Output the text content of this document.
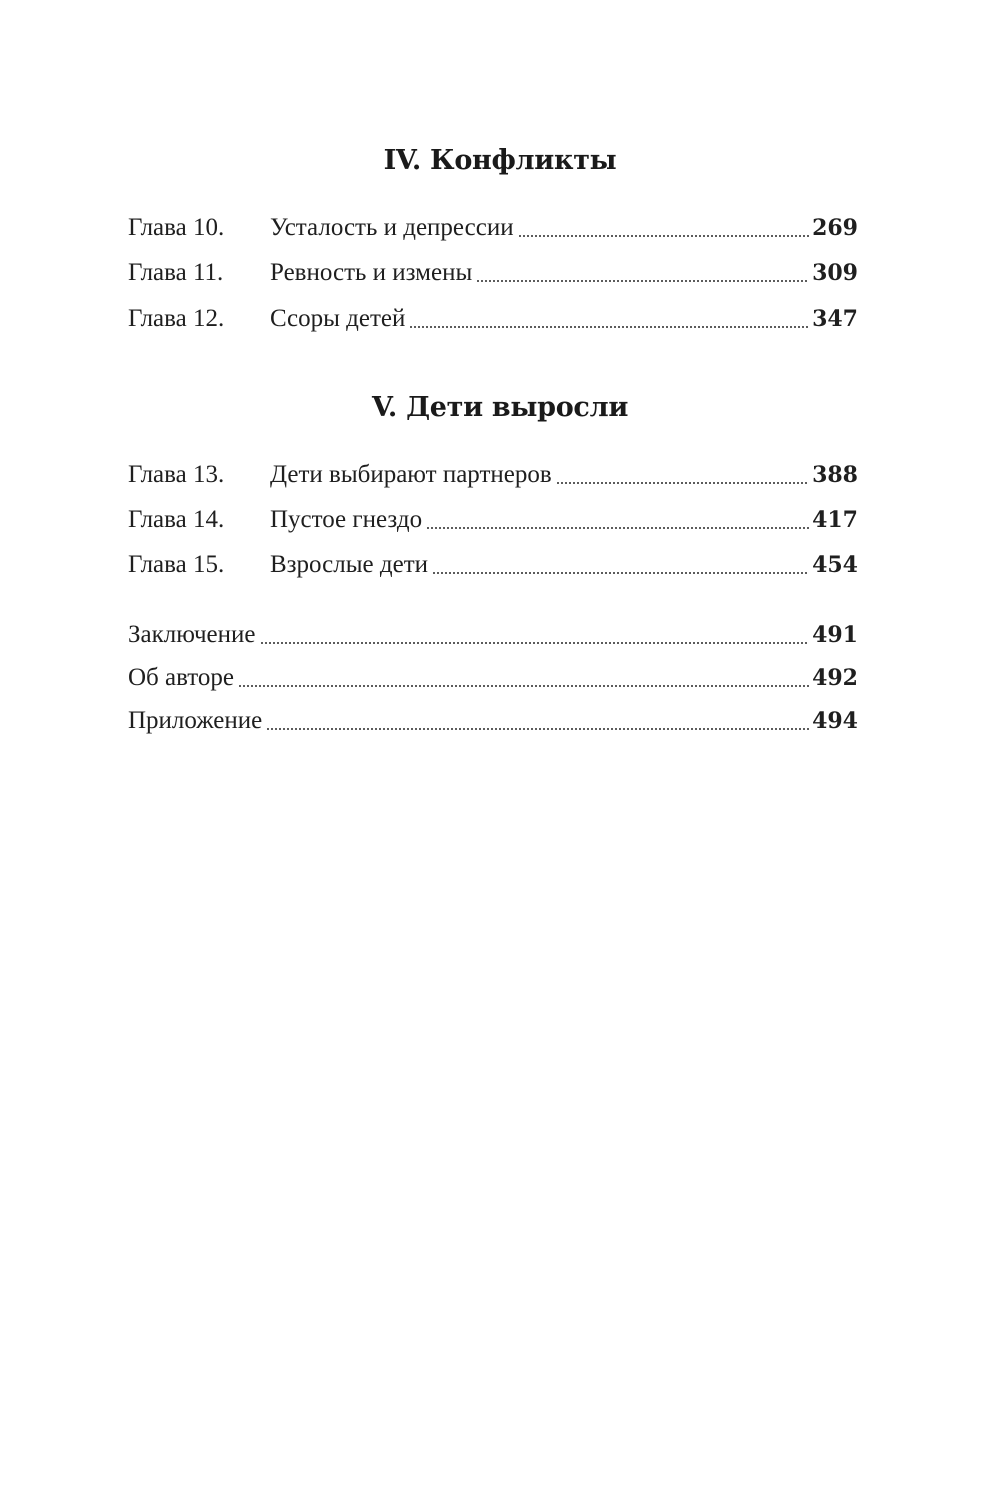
IV. Конфликты
Глава 10.	Усталость и депрессии	269
Глава 11.	Ревность и измены	309
Глава 12.	Ссоры детей	347
V. Дети выросли
Глава 13.	Дети выбирают партнеров	388
Глава 14.	Пустое гнездо	417
Глава 15.	Взрослые дети	454
Заключение	491
Об авторе	492
Приложение	494
